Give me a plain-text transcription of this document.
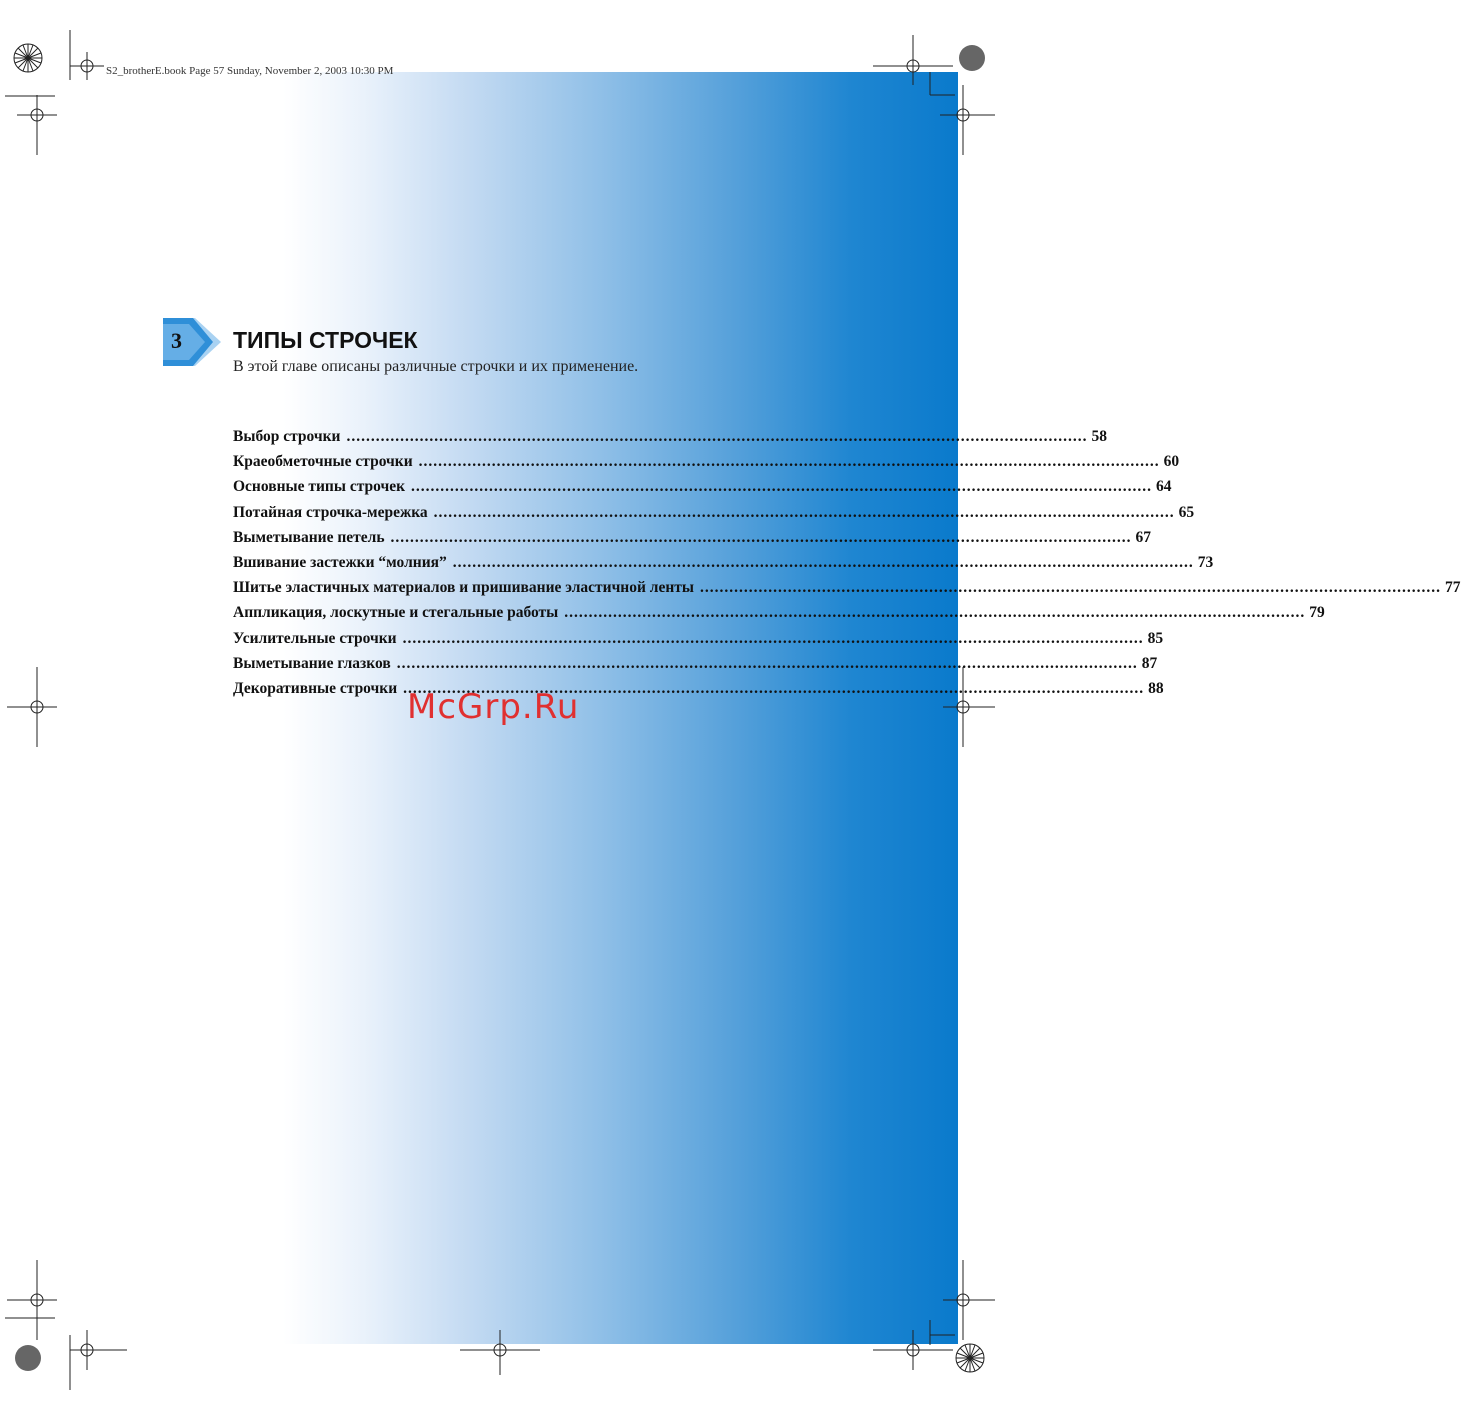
S2_brotherE.book Page 57 Sunday, November 2, 2003 10:30 PM
3 ТИПЫ СТРОЧЕК
В этой главе описаны различные строчки и их применение.
Выбор строчки ........................................................................................................................................................ 58
Краеобметочные строчки ........................................................................................................................................................ 60
Основные типы строчек ........................................................................................................................................................ 64
Потайная строчка-мережка ........................................................................................................................................................ 65
Выметывание петель ........................................................................................................................................................ 67
Вшивание застежки “молния” ........................................................................................................................................................ 73
Шитье эластичных материалов и пришивание эластичной ленты ........................................................................................................................................................ 77
Аппликация, лоскутные и стегальные работы ........................................................................................................................................................ 79
Усилительные строчки ........................................................................................................................................................ 85
Выметывание глазков ........................................................................................................................................................ 87
Декоративные строчки ........................................................................................................................................................ 88
McGrp.Ru
